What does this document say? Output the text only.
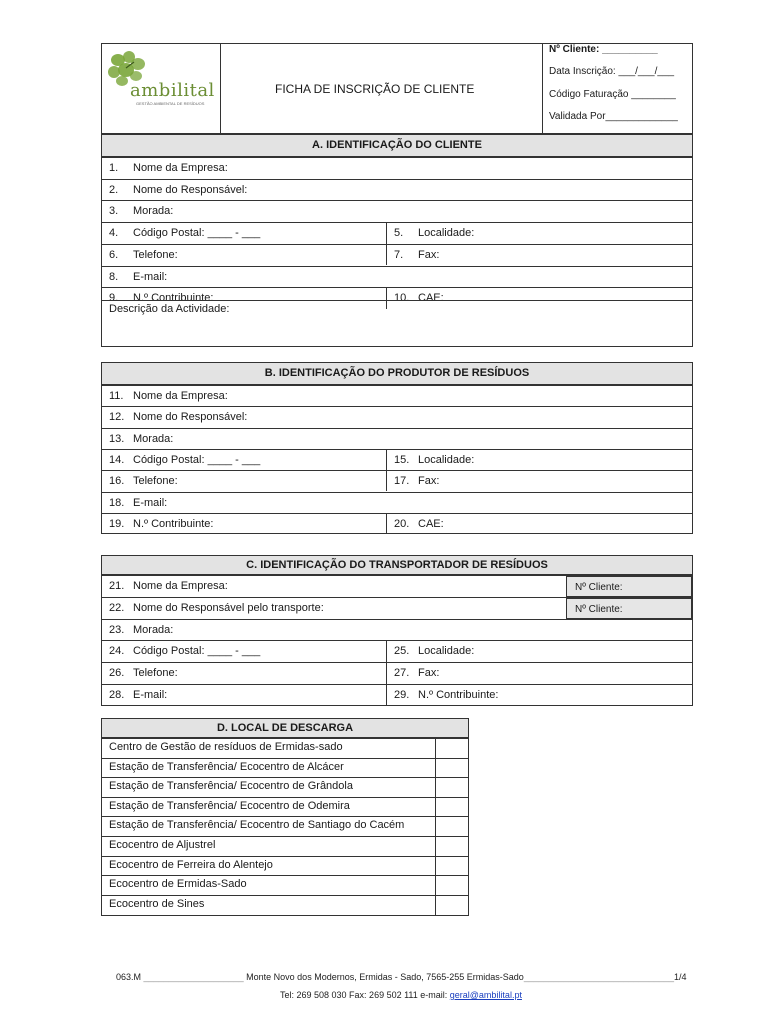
ambilital
GESTÃO AMBIENTAL DE RESÍDUOS
FICHA DE INSCRIÇÃO DE CLIENTE
Nº Cliente: __________
Data Inscrição: ___/___/___
Código Faturação ________
Validada Por_____________
A. IDENTIFICAÇÃO DO CLIENTE
1. Nome da Empresa:
2. Nome do Responsável:
3. Morada:
4. Código Postal: ____ - ___	5. Localidade:
6. Telefone:	7. Fax:
8. E-mail:
9. N.º Contribuinte:	10. CAE:
Descrição da Actividade:
B. IDENTIFICAÇÃO DO PRODUTOR DE RESÍDUOS
11. Nome da Empresa:
12. Nome do Responsável:
13. Morada:
14. Código Postal: ____ - ___	15. Localidade:
16. Telefone:	17. Fax:
18. E-mail:
19. N.º Contribuinte:	20. CAE:
C. IDENTIFICAÇÃO DO TRANSPORTADOR DE RESÍDUOS
21. Nome da Empresa:	Nº Cliente:
22. Nome do Responsável pelo transporte:	Nº Cliente:
23. Morada:
24. Código Postal: ____ - ___	25. Localidade:
26. Telefone:	27. Fax:
28. E-mail:	29. N.º Contribuinte:
D. LOCAL DE DESCARGA
Centro de Gestão de resíduos de Ermidas-sado
Estação de Transferência/ Ecocentro de Alcácer
Estação de Transferência/ Ecocentro de Grândola
Estação de Transferência/ Ecocentro de Odemira
Estação de Transferência/ Ecocentro de Santiago do Cacém
Ecocentro de Aljustrel
Ecocentro de Ferreira do Alentejo
Ecocentro de Ermidas-Sado
Ecocentro de Sines
063.M ____________________ Monte Novo dos Modernos, Ermidas - Sado, 7565-255 Ermidas-Sado______________________________1/4
Tel: 269 508 030 Fax: 269 502 111 e-mail: geral@ambilital.pt
